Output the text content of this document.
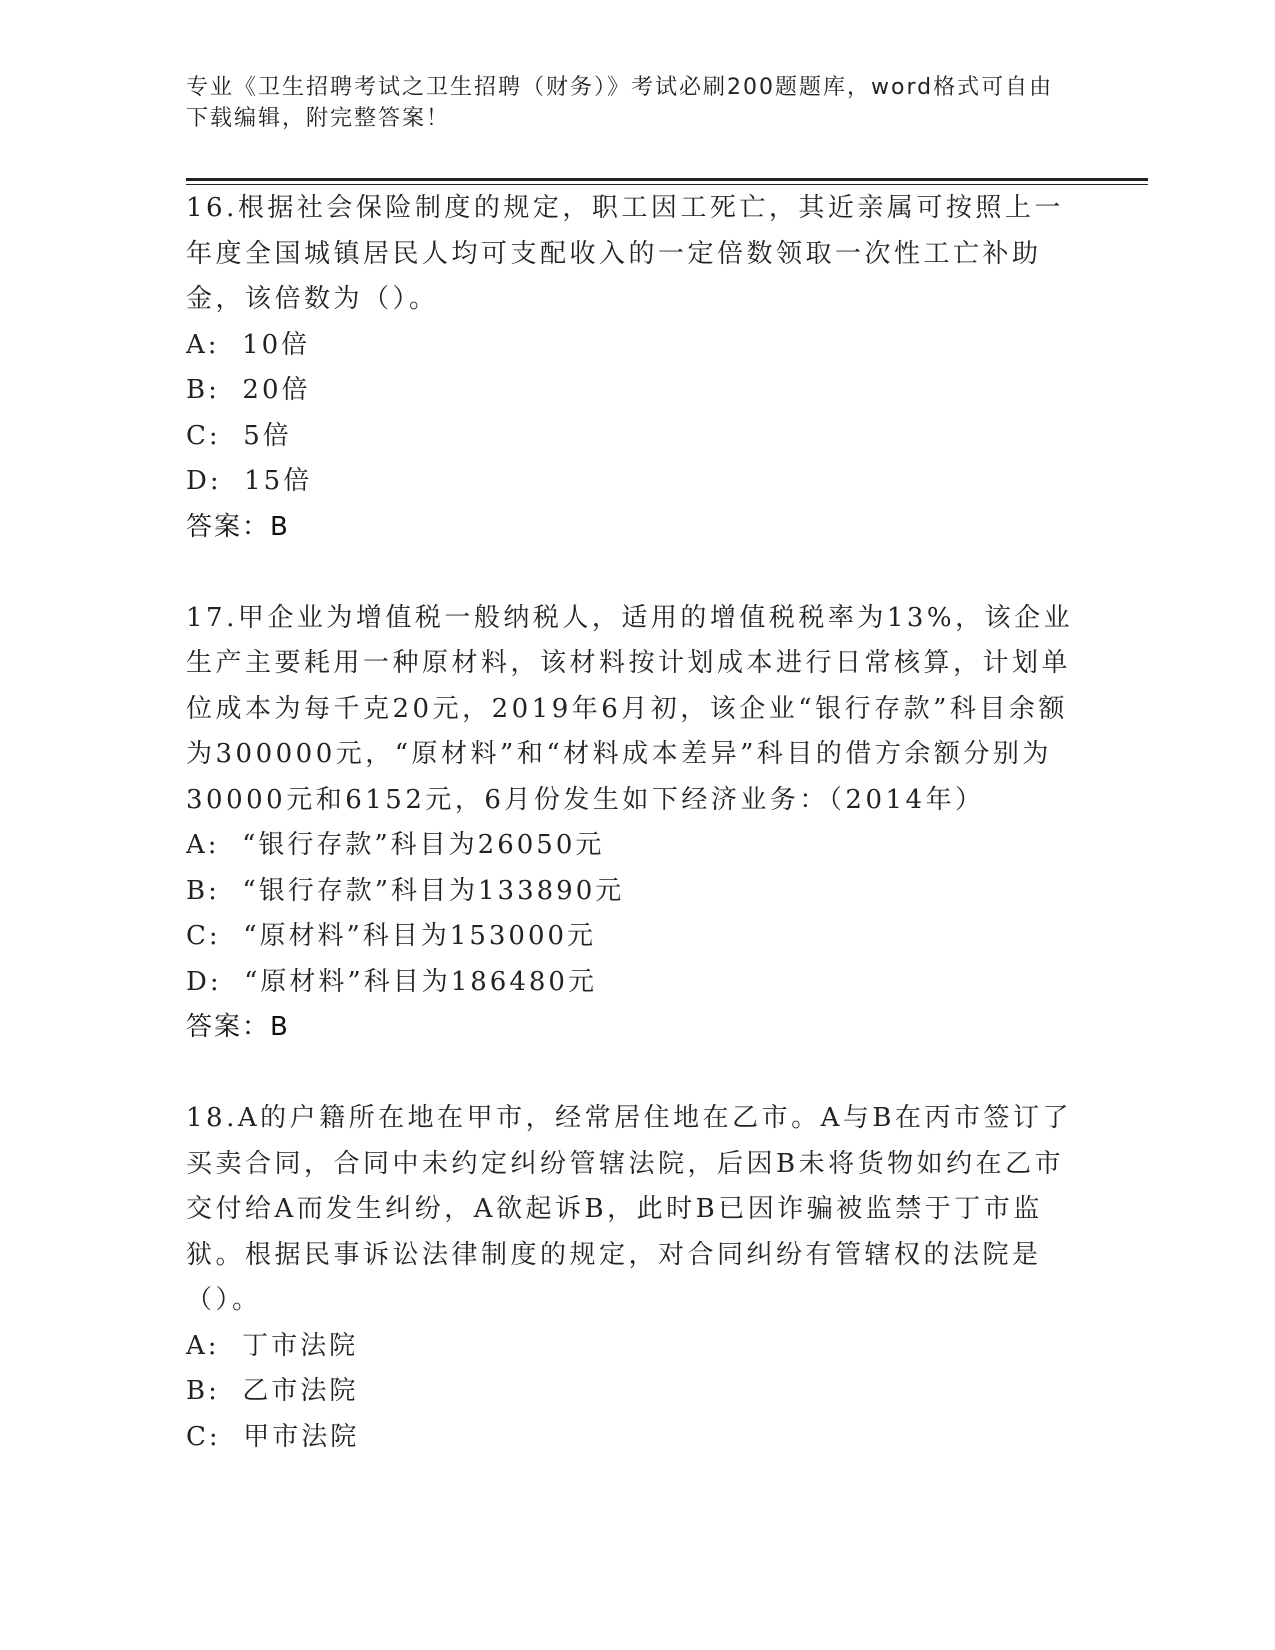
专业《卫生招聘考试之卫生招聘（财务）》考试必刷200题题库，word格式可自由下载编辑，附完整答案！

16.根据社会保险制度的规定，职工因工死亡，其近亲属可按照上一年度全国城镇居民人均可支配收入的一定倍数领取一次性工亡补助金，该倍数为（）。

A: 10倍

B: 20倍

C: 5倍

D: 15倍

答案：B

17.甲企业为增值税一般纳税人，适用的增值税税率为13%，该企业生产主要耗用一种原材料，该材料按计划成本进行日常核算，计划单位成本为每千克20元，2019年6月初，该企业“银行存款”科目余额为300000元，“原材料”和“材料成本差异”科目的借方余额分别为30000元和6152元，6月份发生如下经济业务：（2014年）

A: “银行存款”科目为26050元

B: “银行存款”科目为133890元

C: “原材料”科目为153000元

D: “原材料”科目为186480元

答案：B

18.A的户籍所在地在甲市，经常居住地在乙市。A与B在丙市签订了买卖合同，合同中未约定纠纷管辖法院，后因B未将货物如约在乙市交付给A而发生纠纷，A欲起诉B，此时B已因诈骗被监禁于丁市监狱。根据民事诉讼法律制度的规定，对合同纠纷有管辖权的法院是（）。

A: 丁市法院

B: 乙市法院

C: 甲市法院
